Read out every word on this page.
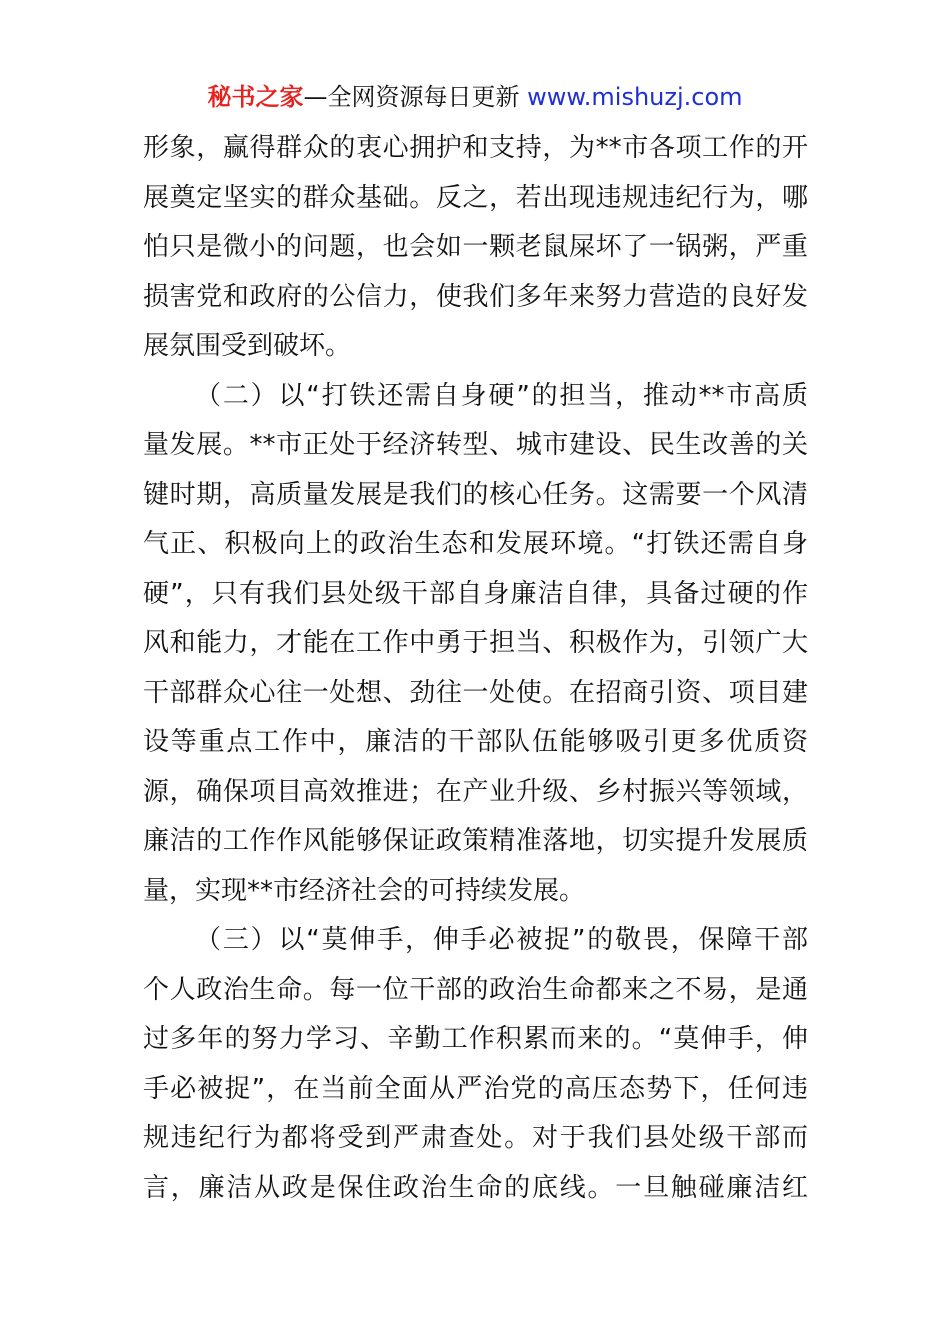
秘书之家—全网资源每日更新 www.mishuzj.com
形象，赢得群众的衷心拥护和支持，为**市各项工作的开
展奠定坚实的群众基础。反之，若出现违规违纪行为，哪
怕只是微小的问题，也会如一颗老鼠屎坏了一锅粥，严重
损害党和政府的公信力，使我们多年来努力营造的良好发
展氛围受到破坏。
（二）以“打铁还需自身硬”的担当，推动**市高质
量发展。**市正处于经济转型、城市建设、民生改善的关
键时期，高质量发展是我们的核心任务。这需要一个风清
气正、积极向上的政治生态和发展环境。“打铁还需自身
硬”，只有我们县处级干部自身廉洁自律，具备过硬的作
风和能力，才能在工作中勇于担当、积极作为，引领广大
干部群众心往一处想、劲往一处使。在招商引资、项目建
设等重点工作中，廉洁的干部队伍能够吸引更多优质资
源，确保项目高效推进；在产业升级、乡村振兴等领域，
廉洁的工作作风能够保证政策精准落地，切实提升发展质
量，实现**市经济社会的可持续发展。
（三）以“莫伸手，伸手必被捉”的敬畏，保障干部
个人政治生命。每一位干部的政治生命都来之不易，是通
过多年的努力学习、辛勤工作积累而来的。“莫伸手，伸
手必被捉”，在当前全面从严治党的高压态势下，任何违
规违纪行为都将受到严肃查处。对于我们县处级干部而
言，廉洁从政是保住政治生命的底线。一旦触碰廉洁红
